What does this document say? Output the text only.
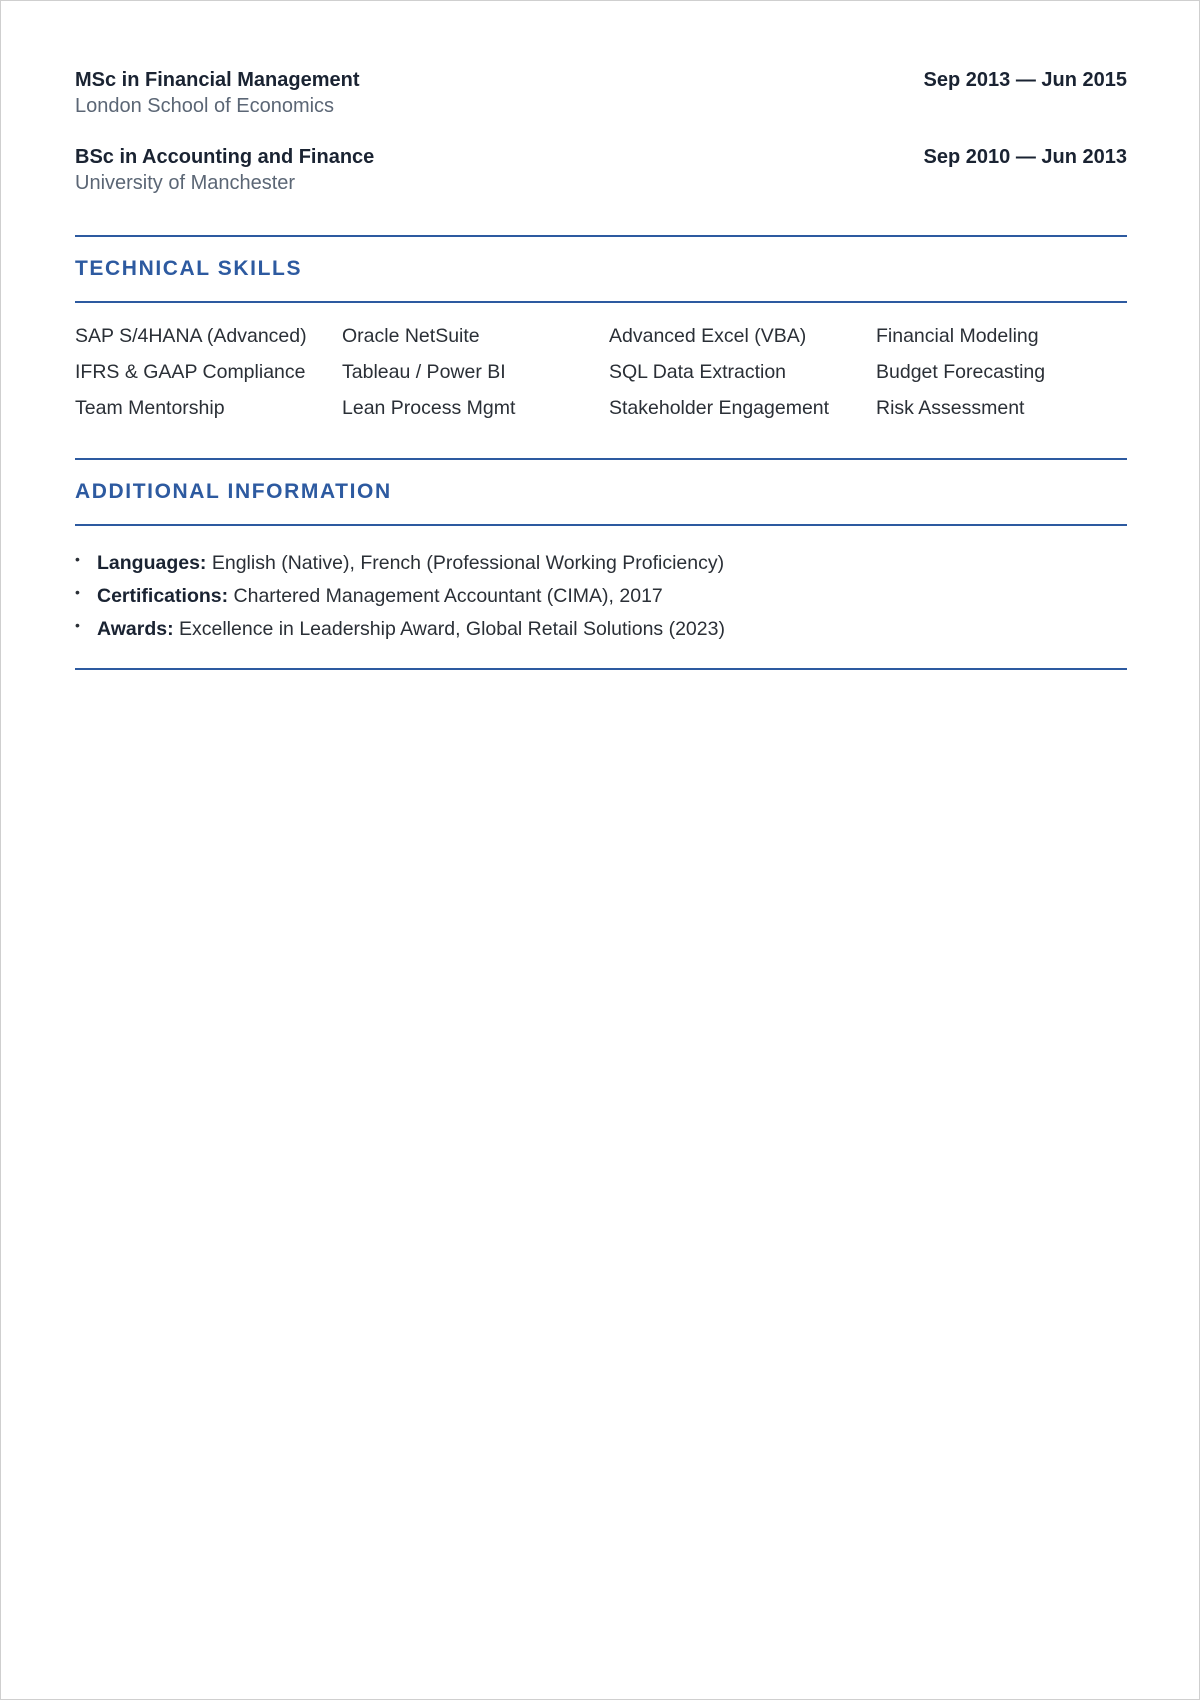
MSc in Financial Management	Sep 2013 — Jun 2015
London School of Economics
BSc in Accounting and Finance	Sep 2010 — Jun 2013
University of Manchester
TECHNICAL SKILLS
SAP S/4HANA (Advanced)	Oracle NetSuite	Advanced Excel (VBA)	Financial Modeling
IFRS & GAAP Compliance	Tableau / Power BI	SQL Data Extraction	Budget Forecasting
Team Mentorship	Lean Process Mgmt	Stakeholder Engagement	Risk Assessment
ADDITIONAL INFORMATION
• Languages: English (Native), French (Professional Working Proficiency)
• Certifications: Chartered Management Accountant (CIMA), 2017
• Awards: Excellence in Leadership Award, Global Retail Solutions (2023)
